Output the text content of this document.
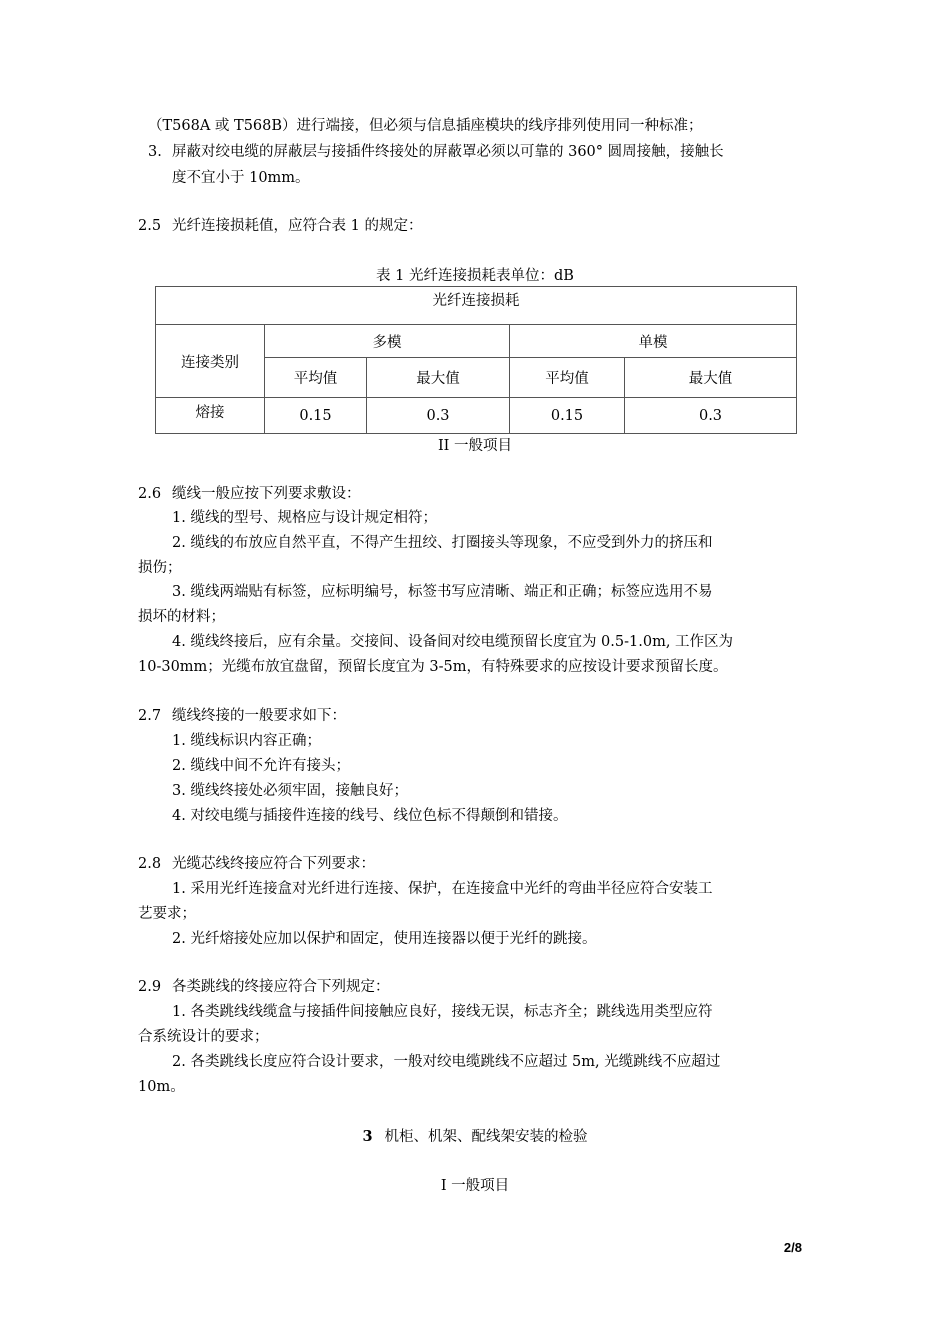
（T568A 或 T568B）进行端接，但必须与信息插座模块的线序排列使用同一种标准；
3. 屏蔽对绞电缆的屏蔽层与接插件终接处的屏蔽罩必须以可靠的 360° 圆周接触，接触长
度不宜小于 10mm。
2.5 光纤连接损耗值，应符合表 1 的规定：
表 1 光纤连接损耗表单位：dB
光纤连接损耗				
连接类别	多模		单模	
	平均值	最大值	平均值	最大值
熔接	0.15	0.3	0.15	0.3
II 一般项目
2.6 缆线一般应按下列要求敷设：
1. 缆线的型号、规格应与设计规定相符；
2. 缆线的布放应自然平直，不得产生扭绞、打圈接头等现象，不应受到外力的挤压和
损伤；
3. 缆线两端贴有标签，应标明编号，标签书写应清晰、端正和正确；标签应选用不易
损坏的材料；
4. 缆线终接后，应有余量。交接间、设备间对绞电缆预留长度宜为 0.5-1.0m, 工作区为
10-30mm；光缆布放宜盘留，预留长度宜为 3-5m，有特殊要求的应按设计要求预留长度。
2.7 缆线终接的一般要求如下：
1. 缆线标识内容正确；
2. 缆线中间不允许有接头；
3. 缆线终接处必须牢固，接触良好；
4. 对绞电缆与插接件连接的线号、线位色标不得颠倒和错接。
2.8 光缆芯线终接应符合下列要求：
1. 采用光纤连接盒对光纤进行连接、保护，在连接盒中光纤的弯曲半径应符合安装工
艺要求；
2. 光纤熔接处应加以保护和固定，使用连接器以便于光纤的跳接。
2.9 各类跳线的终接应符合下列规定：
1. 各类跳线线缆盒与接插件间接触应良好，接线无误，标志齐全；跳线选用类型应符
合系统设计的要求；
2. 各类跳线长度应符合设计要求，一般对绞电缆跳线不应超过 5m, 光缆跳线不应超过
10m。
3 机柜、机架、配线架安装的检验
Ⅰ 一般项目
2/8
